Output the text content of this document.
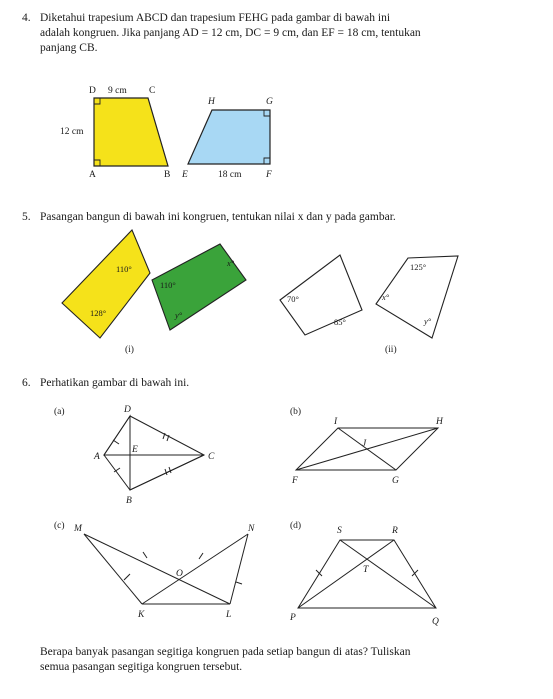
4. Diketahui trapesium ABCD dan trapesium FEHG pada gambar di bawah ini
adalah kongruen. Jika panjang AD = 12 cm, DC = 9 cm, dan EF = 18 cm, tentukan
panjang CB.
5. Pasangan bangun di bawah ini kongruen, tentukan nilai x dan y pada gambar.
6. Perhatikan gambar di bawah ini.
Berapa banyak pasangan segitiga kongruen pada setiap bangun di atas? Tuliskan
semua pasangan segitiga kongruen tersebut.
D 9 cm C
12 cm
A	B
H	G
E	18 cm	F
110°
128°
110°
x°
y°
(i)
70°
85°
125°
x°
y°
(ii)
(a)	D
A
E
C
B
(b)
I	H
J
F	G
(c) M	N
O
K	L
(d)	S	R
T
P	Q
